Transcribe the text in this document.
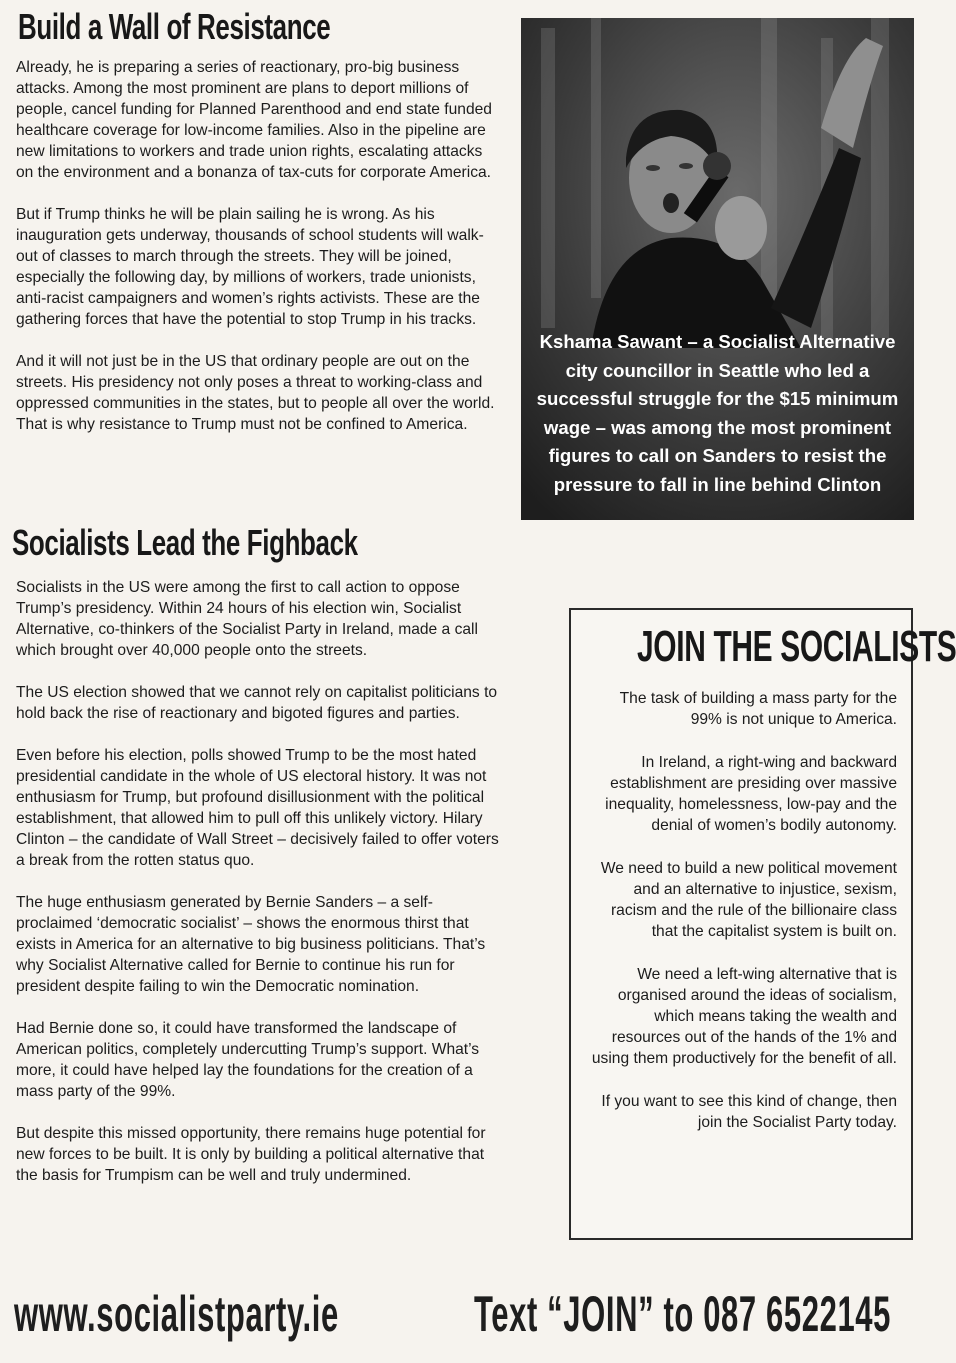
Build a Wall of Resistance

Already, he is preparing a series of reactionary, pro-big business attacks. Among the most prominent are plans to deport millions of people, cancel funding for Planned Parenthood and end state funded healthcare coverage for low-income families. Also in the pipeline are new limitations to workers and trade union rights, escalating attacks on the environment and a bonanza of tax-cuts for corporate America.

But if Trump thinks he will be plain sailing he is wrong. As his inauguration gets underway, thousands of school students will walk-out of classes to march through the streets. They will be joined, especially the following day, by millions of workers, trade unionists, anti-racist campaigners and women’s rights activists. These are the gathering forces that have the potential to stop Trump in his tracks.

And it will not just be in the US that ordinary people are out on the streets. His presidency not only poses a threat to working-class and oppressed communities in the states, but to people all over the world. That is why resistance to Trump must not be confined to America.

Socialists Lead the Fighback

Socialists in the US were among the first to call action to oppose Trump’s presidency. Within 24 hours of his election win, Socialist Alternative, co-thinkers of the Socialist Party in Ireland, made a call which brought over 40,000 people onto the streets.

The US election showed that we cannot rely on capitalist politicians to hold back the rise of reactionary and bigoted figures and parties.

Even before his election, polls showed Trump to be the most hated presidential candidate in the whole of US electoral history. It was not enthusiasm for Trump, but profound disillusionment with the political establishment, that allowed him to pull off this unlikely victory. Hilary Clinton – the candidate of Wall Street – decisively failed to offer voters a break from the rotten status quo.

The huge enthusiasm generated by Bernie Sanders – a self-proclaimed ‘democratic socialist’ – shows the enormous thirst that exists in America for an alternative to big business politicians. That’s why Socialist Alternative called for Bernie to continue his run for president despite failing to win the Democratic nomination.

Had Bernie done so, it could have transformed the landscape of American politics, completely undercutting Trump’s support. What’s more, it could have helped lay the foundations for the creation of a mass party of the 99%.

But despite this missed opportunity, there remains huge potential for new forces to be built. It is only by building a political alternative that the basis for Trumpism can be well and truly undermined.

Kshama Sawant – a Socialist Alternative city councillor in Seattle who led a successful struggle for the $15 minimum wage – was among the most prominent figures to call on Sanders to resist the pressure to fall in line behind Clinton
JOIN THE SOCIALISTS

The task of building a mass party for the 99% is not unique to America.

In Ireland, a right-wing and backward establishment are presiding over massive inequality, homelessness, low-pay and the denial of women’s bodily autonomy.

We need to build a new political movement and an alternative to injustice, sexism, racism and the rule of the billionaire class that the capitalist system is built on.

We need a left-wing alternative that is organised around the ideas of socialism, which means taking the wealth and resources out of the hands of the 1% and using them productively for the benefit of all.

If you want to see this kind of change, then join the Socialist Party today.

www.socialistparty.ie	Text “JOIN” to 087 6522145
